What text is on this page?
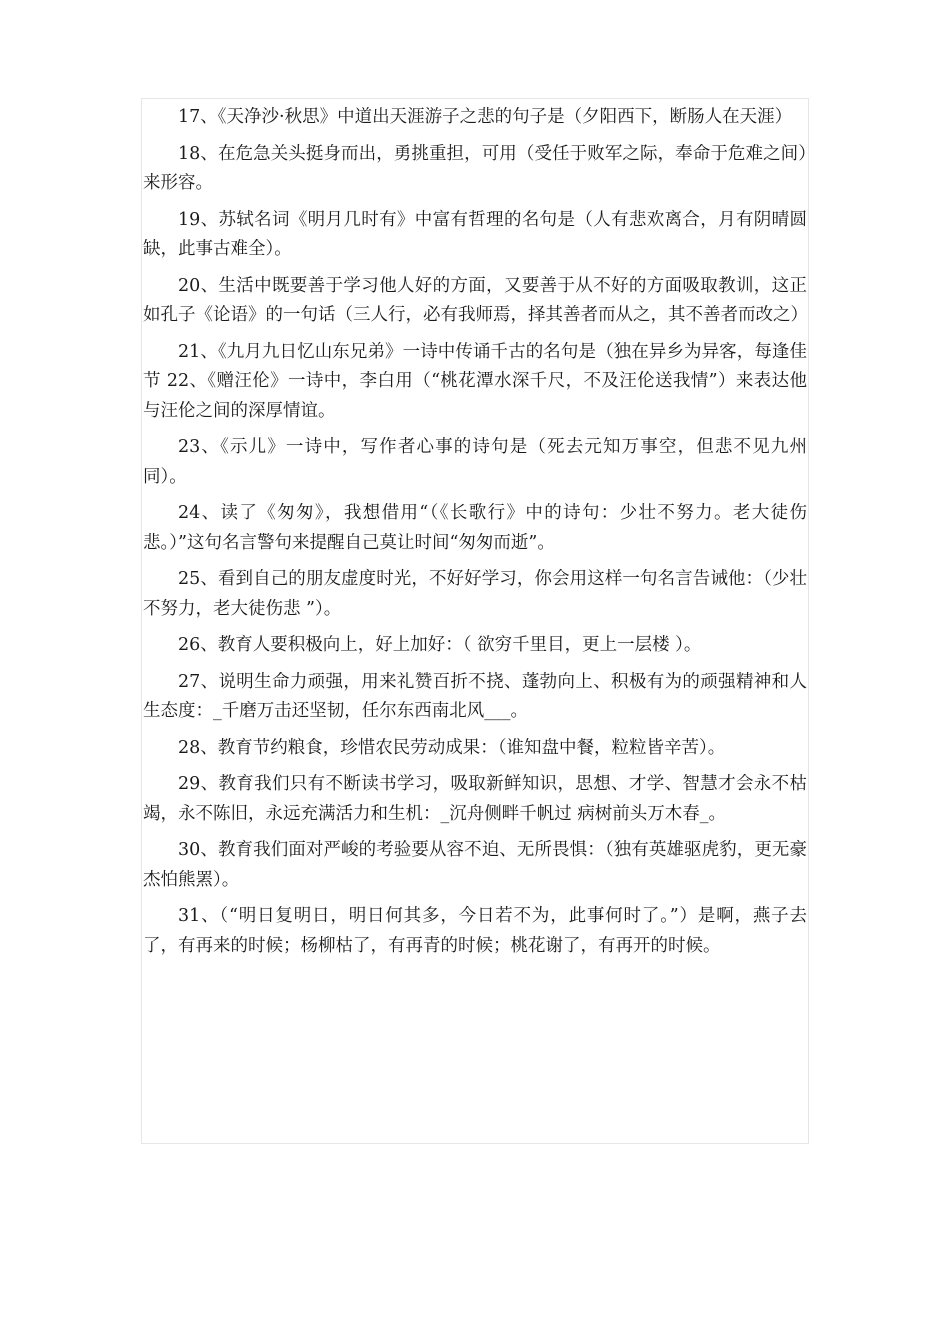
17、《天净沙·秋思》中道出天涯游子之悲的句子是（夕阳西下，断肠人在天涯）

18、在危急关头挺身而出，勇挑重担，可用（受任于败军之际，奉命于危难之间）来形容。

19、苏轼名词《明月几时有》中富有哲理的名句是（人有悲欢离合，月有阴晴圆缺，此事古难全）。

20、生活中既要善于学习他人好的方面，又要善于从不好的方面吸取教训，这正如孔子《论语》的一句话（三人行，必有我师焉，择其善者而从之，其不善者而改之）

21、《九月九日忆山东兄弟》一诗中传诵千古的名句是（独在异乡为异客，每逢佳节 22、《赠汪伦》一诗中，李白用（“桃花潭水深千尺，不及汪伦送我情”）来表达他与汪伦之间的深厚情谊。

23、《示儿》一诗中，写作者心事的诗句是（死去元知万事空，但悲不见九州同）。

24、读了《匆匆》，我想借用“（《长歌行》中的诗句：少壮不努力。老大徒伤悲。）”这句名言警句来提醒自己莫让时间“匆匆而逝”。

25、看到自己的朋友虚度时光，不好好学习，你会用这样一句名言告诫他：（少壮不努力，老大徒伤悲 ”）。

26、教育人要积极向上，好上加好：（ 欲穷千里目，更上一层楼 ）。

27、说明生命力顽强，用来礼赞百折不挠、蓬勃向上、积极有为的顽强精神和人生态度：_千磨万击还坚韧，任尔东西南北风___。

28、教育节约粮食，珍惜农民劳动成果：（谁知盘中餐，粒粒皆辛苦）。

29、教育我们只有不断读书学习，吸取新鲜知识，思想、才学、智慧才会永不枯竭，永不陈旧，永远充满活力和生机：_沉舟侧畔千帆过 病树前头万木春_。

30、教育我们面对严峻的考验要从容不迫、无所畏惧：（独有英雄驱虎豹，更无豪杰怕熊罴）。

31、（“明日复明日，明日何其多，今日若不为，此事何时了。”）是啊，燕子去了，有再来的时候；杨柳枯了，有再青的时候；桃花谢了，有再开的时候。
